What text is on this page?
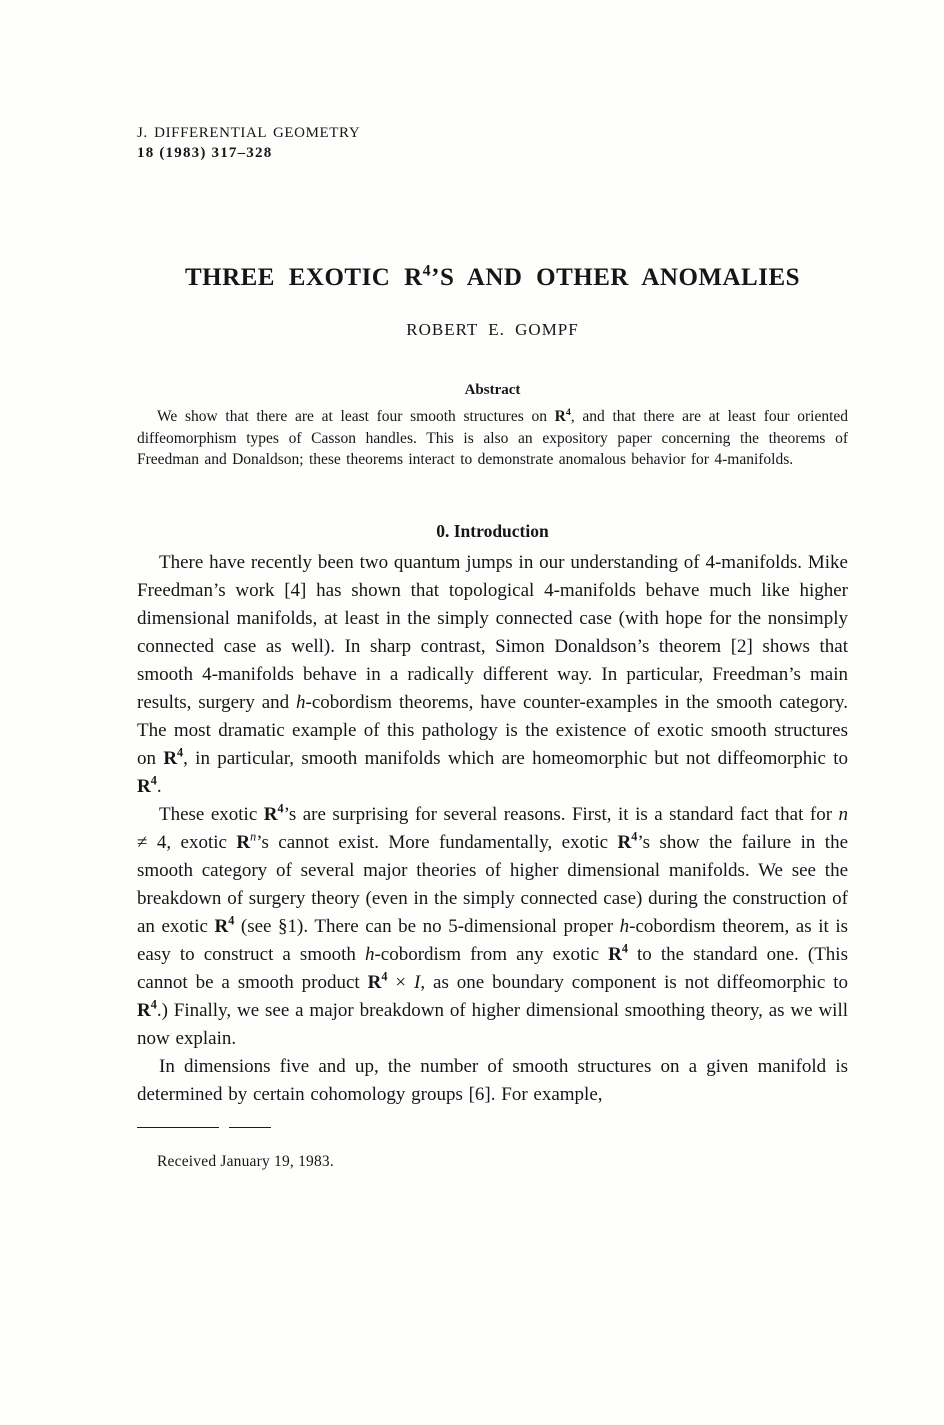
J. DIFFERENTIAL GEOMETRY
18 (1983) 317–328
THREE EXOTIC $R^4’S$ AND OTHER ANOMALIES
ROBERT E. GOMPF
Abstract

We show that there are at least four smooth structures on $R^4$, and that there are at least four oriented diffeomorphism types of Casson handles. This is also an expository paper concerning the theorems of Freedman and Donaldson; these theorems interact to demonstrate anomalous behavior for 4-manifolds.

0. Introduction

There have recently been two quantum jumps in our understanding of 4-manifolds. Mike Freedman’s work [4] has shown that topological 4-manifolds behave much like higher dimensional manifolds, at least in the simply connected case (with hope for the nonsimply connected case as well). In sharp contrast, Simon Donaldson’s theorem [2] shows that smooth 4-manifolds behave in a radically different way. In particular, Freedman’s main results, surgery and h-cobordism theorems, have counter-examples in the smooth category. The most dramatic example of this pathology is the existence of exotic smooth structures on $R^4$, in particular, smooth manifolds which are homeomorphic but not diffeomorphic to $R^4$.

These exotic $R^4’s$ are surprising for several reasons. First, it is a standard fact that for n ≠ 4, exotic $R^n’s$ cannot exist. More fundamentally, exotic $R^4’s$ show the failure in the smooth category of several major theories of higher dimensional manifolds. We see the breakdown of surgery theory (even in the simply connected case) during the construction of an exotic $R^4$ (see §1). There can be no 5-dimensional proper h-cobordism theorem, as it is easy to construct a smooth h-cobordism from any exotic $R^4$ to the standard one. (This cannot be a smooth product $R^4 \times I$, as one boundary component is not diffeomorphic to $R^4$.) Finally, we see a major breakdown of higher dimensional smoothing theory, as we will now explain.

In dimensions five and up, the number of smooth structures on a given manifold is determined by certain cohomology groups [6]. For example,

Received January 19, 1983.
